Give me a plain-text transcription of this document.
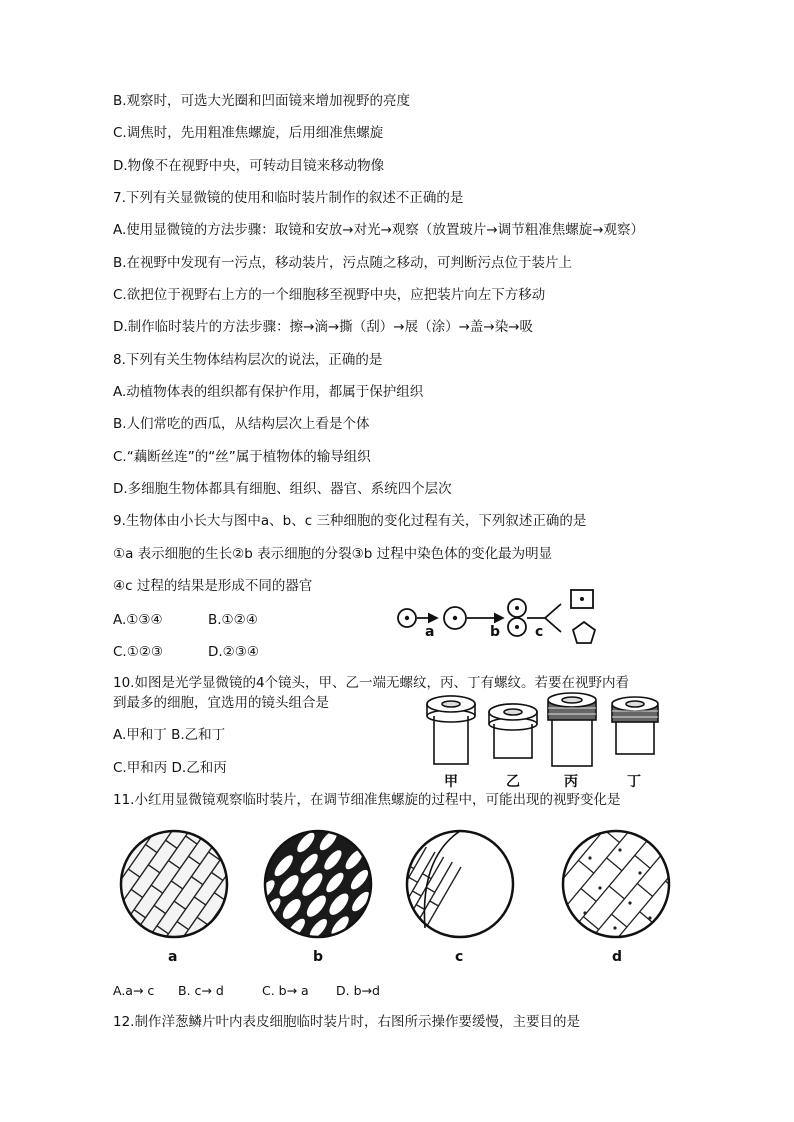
B.观察时，可选大光圈和凹面镜来增加视野的亮度
C.调焦时，先用粗准焦螺旋，后用细准焦螺旋
D.物像不在视野中央，可转动目镜来移动物像
7.下列有关显微镜的使用和临时装片制作的叙述不正确的是
A.使用显微镜的方法步骤：取镜和安放→对光→观察（放置玻片→调节粗准焦螺旋→观察）
B.在视野中发现有一污点，移动装片，污点随之移动，可判断污点位于装片上
C.欲把位于视野右上方的一个细胞移至视野中央，应把装片向左下方移动
D.制作临时装片的方法步骤：擦→滴→撕（刮）→展（涂）→盖→染→吸
8.下列有关生物体结构层次的说法，正确的是
A.动植物体表的组织都有保护作用，都属于保护组织
B.人们常吃的西瓜，从结构层次上看是个体
C.“藕断丝连”的“丝”属于植物体的输导组织
D.多细胞生物体都具有细胞、组织、器官、系统四个层次
9.生物体由小长大与图中a、b、c 三种细胞的变化过程有关，下列叙述正确的是
①a 表示细胞的生长②b 表示细胞的分裂③b 过程中染色体的变化最为明显
④c 过程的结果是形成不同的器官
A.①③④	B.①②④
C.①②③	D.②③④
a	b c
10.如图是光学显微镜的4个镜头，甲、乙一端无螺纹，丙、丁有螺纹。若要在视野内看
到最多的细胞，宜选用的镜头组合是
A.甲和丁 B.乙和丁
C.甲和丙 D.乙和丙
甲	乙	丙	丁
11.小红用显微镜观察临时装片，在调节细准焦螺旋的过程中，可能出现的视野变化是
a	b	c	d
A.a→ c B. c→ d	C. b→ a D. b→d
12.制作洋葱鳞片叶内表皮细胞临时装片时，右图所示操作要缓慢，主要目的是
